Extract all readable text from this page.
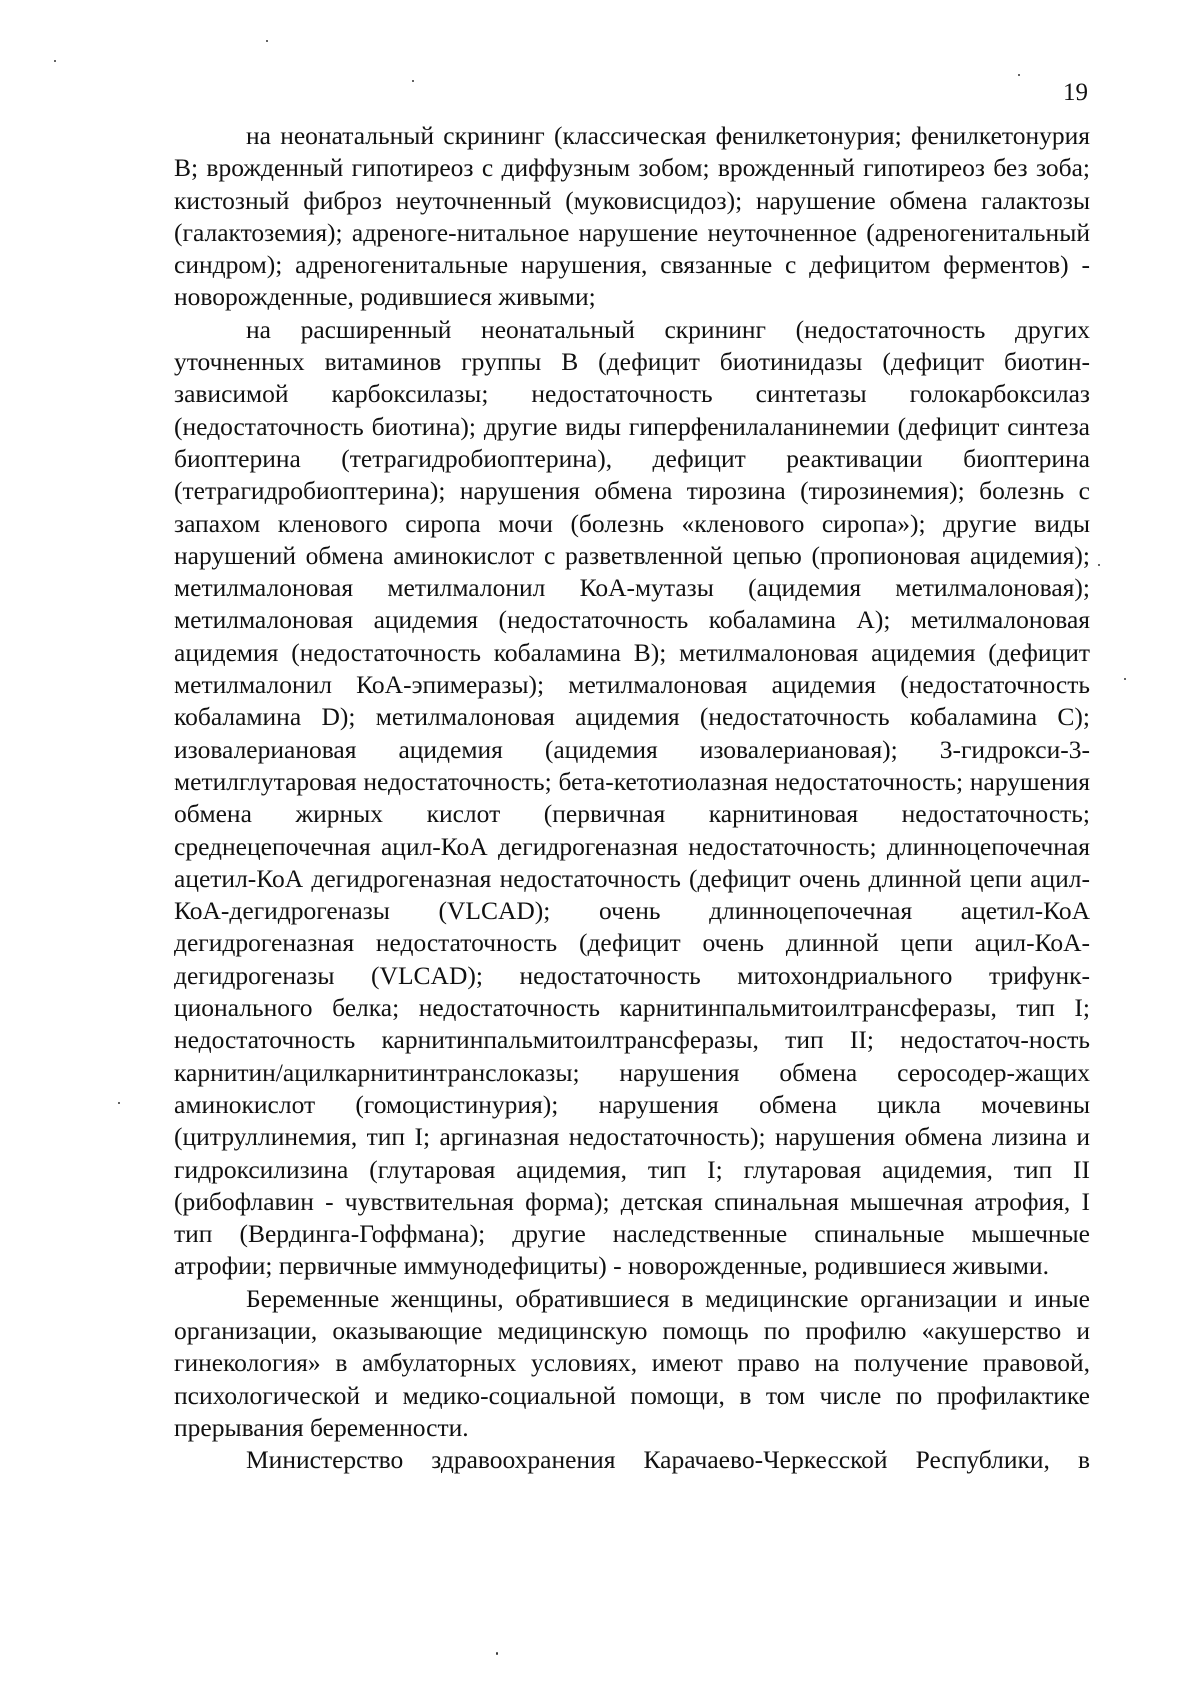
19

на неонатальный скрининг (классическая фенилкетонурия; фенилкетонурия В; врожденный гипотиреоз с диффузным зобом; врожденный гипотиреоз без зоба; кистозный фиброз неуточненный (муковисцидоз); нарушение обмена галактозы (галактоземия); адреноге-нитальное нарушение неуточненное (адреногенитальный синдром); адреногенитальные нарушения, связанные с дефицитом ферментов) - новорожденные, родившиеся живыми;

на расширенный неонатальный скрининг (недостаточность других уточненных витаминов группы В (дефицит биотинидазы (дефицит биотин-зависимой карбоксилазы; недостаточность синтетазы голокарбоксилаз (недостаточность биотина); другие виды гиперфенилаланинемии (дефицит синтеза биоптерина (тетрагидробиоптерина), дефицит реактивации биоптерина (тетрагидробиоптерина); нарушения обмена тирозина (тирозинемия); болезнь с запахом кленового сиропа мочи (болезнь «кленового сиропа»); другие виды нарушений обмена аминокислот с разветвленной цепью (пропионовая ацидемия); метилмалоновая метилмалонил КоА-мутазы (ацидемия метилмалоновая); метилмалоновая ацидемия (недостаточность кобаламина А); метилмалоновая ацидемия (недостаточность кобаламина В); метилмалоновая ацидемия (дефицит метилмалонил КоА-эпимеразы); метилмалоновая ацидемия (недостаточность кобаламина D); метилмалоновая ацидемия (недостаточность кобаламина С); изовалериановая ацидемия (ацидемия изовалериановая); 3-гидрокси-3-метилглутаровая недостаточность; бета-кетотиолазная недостаточность; нарушения обмена жирных кислот (первичная карнитиновая недостаточность; среднецепочечная ацил-КоА дегидрогеназная недостаточность; длинноцепочечная ацетил-КоА дегидрогеназная недостаточность (дефицит очень длинной цепи ацил-КоА-дегидрогеназы (VLCAD); очень длинноцепочечная ацетил-КоА дегидрогеназная недостаточность (дефицит очень длинной цепи ацил-КоА-дегидрогеназы (VLCAD); недостаточность митохондриального трифунк-ционального белка; недостаточность карнитинпальмитоилтрансферазы, тип I; недостаточность карнитинпальмитоилтрансферазы, тип II; недостаточ-ность карнитин/ацилкарнитинтранслоказы; нарушения обмена серосодер-жащих аминокислот (гомоцистинурия); нарушения обмена цикла мочевины (цитруллинемия, тип I; аргиназная недостаточность); нарушения обмена лизина и гидроксилизина (глутаровая ацидемия, тип I; глутаровая ацидемия, тип II (рибофлавин - чувствительная форма); детская спинальная мышечная атрофия, I тип (Вердинга-Гоффмана); другие наследственные спинальные мышечные атрофии; первичные иммунодефициты) - новорожденные, родившиеся живыми.

Беременные женщины, обратившиеся в медицинские организации и иные организации, оказывающие медицинскую помощь по профилю «акушерство и гинекология» в амбулаторных условиях, имеют право на получение правовой, психологической и медико-социальной помощи, в том числе по профилактике прерывания беременности.

Министерство здравоохранения Карачаево-Черкесской Республики, в
